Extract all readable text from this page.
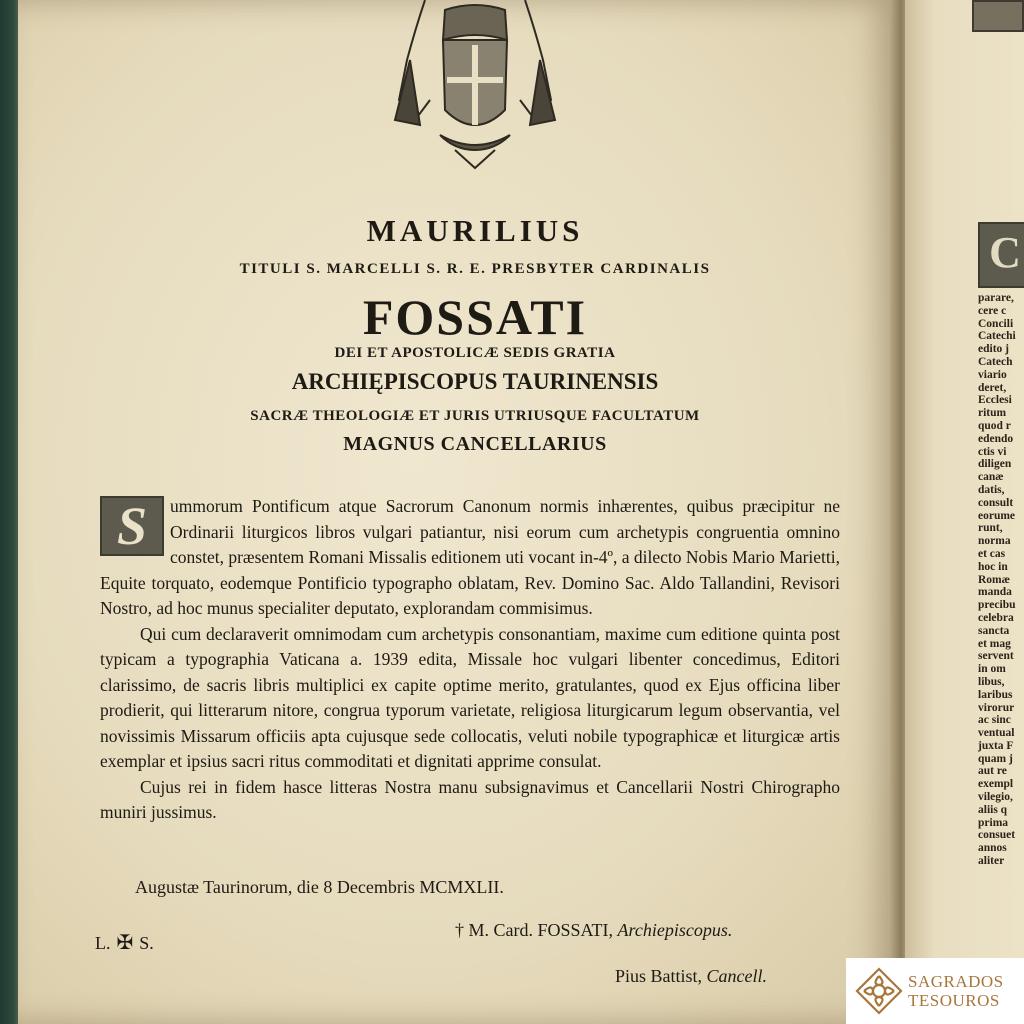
MAURILIUS
TITULI S. MARCELLI S. R. E. PRESBYTER CARDINALIS
FOSSATI
DEI ET APOSTOLICÆ SEDIS GRATIA
ARCHIĘPISCOPUS TAURINENSIS
SACRÆ THEOLOGIÆ ET JURIS UTRIUSQUE FACULTATUM
MAGNUS CANCELLARIUS
S	ummorum Pontificum atque Sacrorum Canonum normis inhærentes, quibus præcipitur ne Ordinarii liturgicos libros vulgari patiantur, nisi eorum cum archetypis congruentia omnino constet, præsentem Romani Missalis editionem uti vocant in-4º, a dilecto Nobis Mario Marietti, Equite torquato, eodemque Pontificio typographo oblatam, Rev. Domino Sac. Aldo Tallandini, Revisori Nostro, ad hoc munus specialiter deputato, explorandam commisimus.

Qui cum declaraverit omnimodam cum archetypis consonantiam, maxime cum editione quinta post typicam a typographia Vaticana a. 1939 edita, Missale hoc vulgari libenter concedimus, Editori clarissimo, de sacris libris multiplici ex capite optime merito, gratulantes, quod ex Ejus officina liber prodierit, qui litterarum nitore, congrua typorum varietate, religiosa liturgicarum legum observantia, vel novissimis Missarum officiis apta cujusque sede collocatis, veluti nobile typographicæ et liturgicæ artis exemplar et ipsius sacri ritus commoditati et dignitati apprime consulat.

Cujus rei in fidem hasce litteras Nostra manu subsignavimus et Cancellarii Nostri Chirographo muniri jussimus.

Augustæ Taurinorum, die 8 Decembris MCMXLII.
L. ✠ S.
† M. Card. FOSSATI, Archiepiscopus.
Pius Battist, Cancell.
C
parare,
cere c
Concili
Catechi
edito j
Catech
viario
deret,
Ecclesi
ritum
quod r
edendo
ctis vi
diligen
canæ
datis,
consult
eorume
runt,
norma
et cas
hoc in
Romæ
manda
precibu
celebra
sancta
et mag
servent
in om
libus,
laribus
virorur
ac sinc
ventual
juxta F
quam j
aut re
exempl
vilegio,
aliis q
prima
consuet
annos
aliter
SAGRADOS
TESOUROS
